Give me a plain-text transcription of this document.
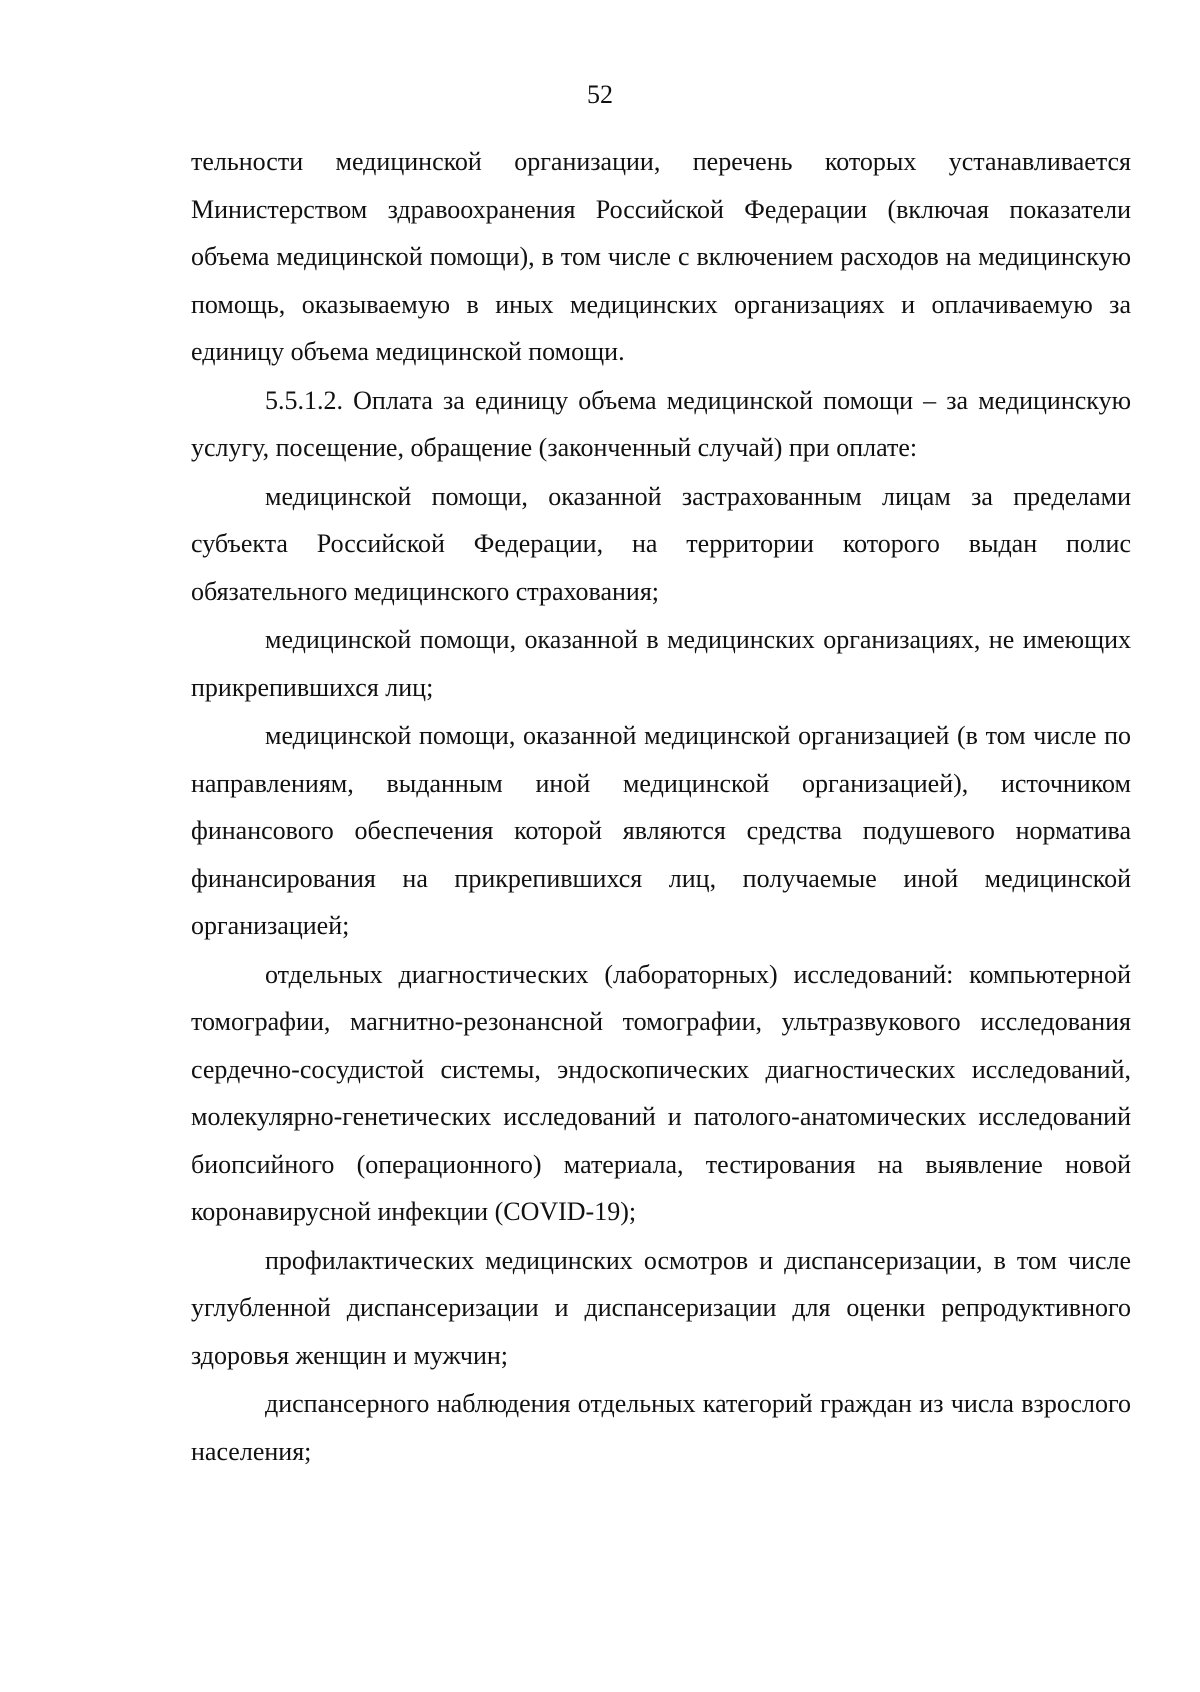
52

тельности медицинской организации, перечень которых устанавливается Министерством здравоохранения Российской Федерации (включая показатели объема медицинской помощи), в том числе с включением расходов на медицинскую помощь, оказываемую в иных медицинских организациях и оплачиваемую за единицу объема медицинской помощи.

5.5.1.2. Оплата за единицу объема медицинской помощи – за медицинскую услугу, посещение, обращение (законченный случай) при оплате:

медицинской помощи, оказанной застрахованным лицам за пределами субъекта Российской Федерации, на территории которого выдан полис обязательного медицинского страхования;

медицинской помощи, оказанной в медицинских организациях, не имеющих прикрепившихся лиц;

медицинской помощи, оказанной медицинской организацией (в том числе по направлениям, выданным иной медицинской организацией), источником финансового обеспечения которой являются средства подушевого норматива финансирования на прикрепившихся лиц, получаемые иной медицинской организацией;

отдельных диагностических (лабораторных) исследований: компьютерной томографии, магнитно-резонансной томографии, ультразвукового исследования сердечно-сосудистой системы, эндоскопических диагностических исследований, молекулярно-генетических исследований и патолого-анатомических исследований биопсийного (операционного) материала, тестирования на выявление новой коронавирусной инфекции (COVID-19);

профилактических медицинских осмотров и диспансеризации, в том числе углубленной диспансеризации и диспансеризации для оценки репродуктивного здоровья женщин и мужчин;

диспансерного наблюдения отдельных категорий граждан из числа взрослого населения;
